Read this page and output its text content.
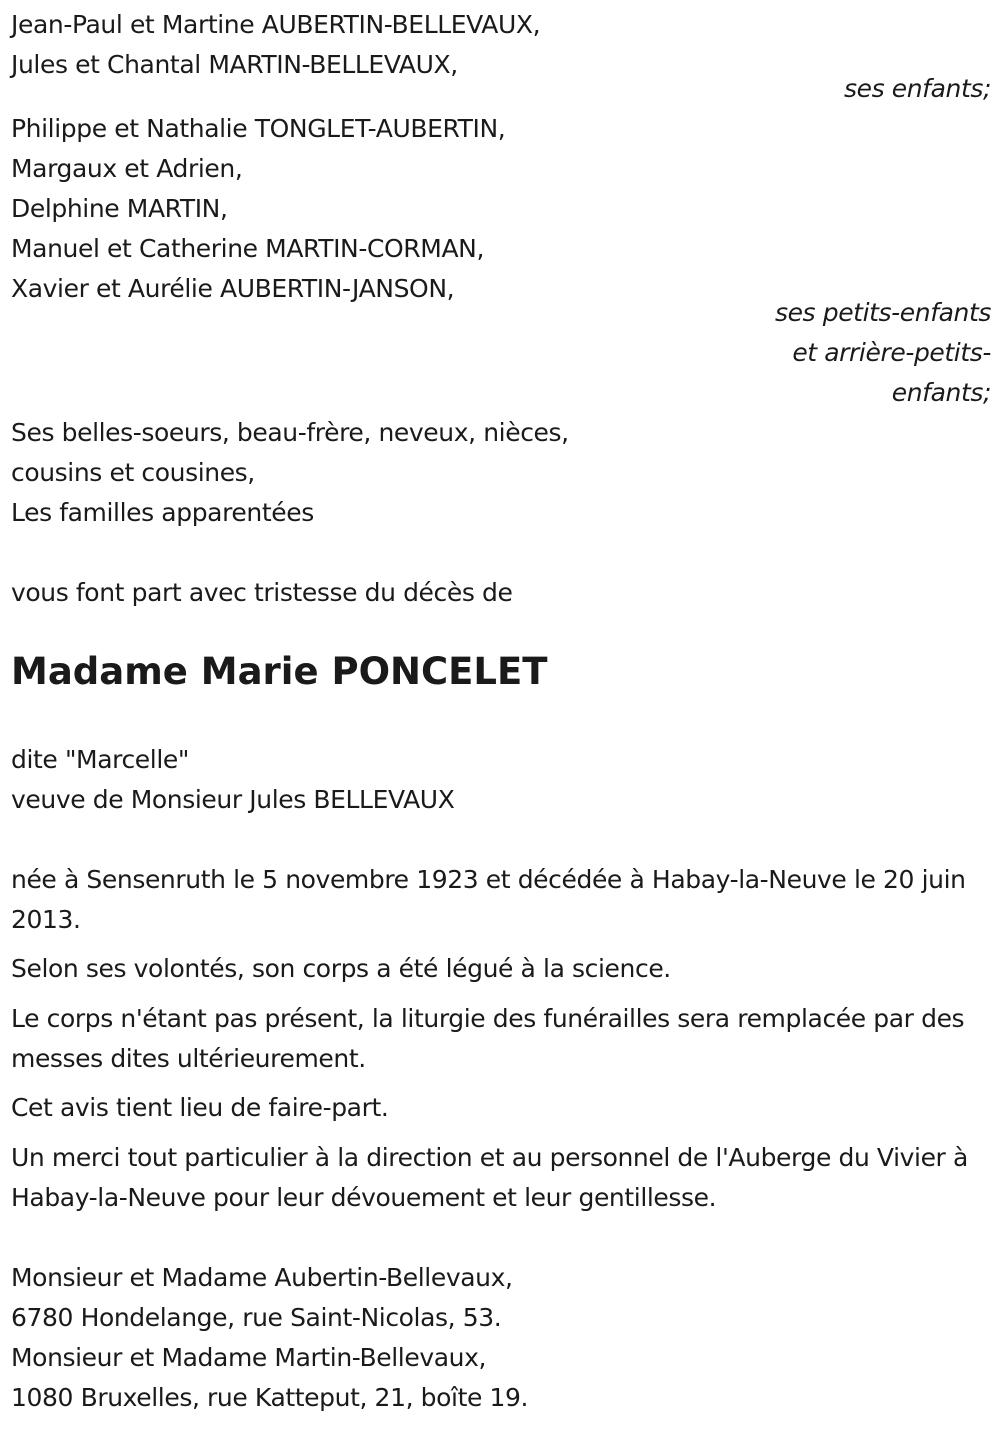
Jean-Paul et Martine AUBERTIN-BELLEVAUX,
Jules et Chantal MARTIN-BELLEVAUX,
ses enfants;
Philippe et Nathalie TONGLET-AUBERTIN,
Margaux et Adrien,
Delphine MARTIN,
Manuel et Catherine MARTIN-CORMAN,
Xavier et Aurélie AUBERTIN-JANSON,
ses petits-enfants
et arrière-petits-
enfants;
Ses belles-soeurs, beau-frère, neveux, nièces,
cousins et cousines,
Les familles apparentées
vous font part avec tristesse du décès de
Madame Marie PONCELET
dite "Marcelle"
veuve de Monsieur Jules BELLEVAUX
née à Sensenruth le 5 novembre 1923 et décédée à Habay-la-Neuve le 20 juin 2013.
Selon ses volontés, son corps a été légué à la science.
Le corps n'étant pas présent, la liturgie des funérailles sera remplacée par des messes dites ultérieurement.
Cet avis tient lieu de faire-part.
Un merci tout particulier à la direction et au personnel de l'Auberge du Vivier à Habay-la-Neuve pour leur dévouement et leur gentillesse.
Monsieur et Madame Aubertin-Bellevaux,
6780 Hondelange, rue Saint-Nicolas, 53.
Monsieur et Madame Martin-Bellevaux,
1080 Bruxelles, rue Katteput, 21, boîte 19.
